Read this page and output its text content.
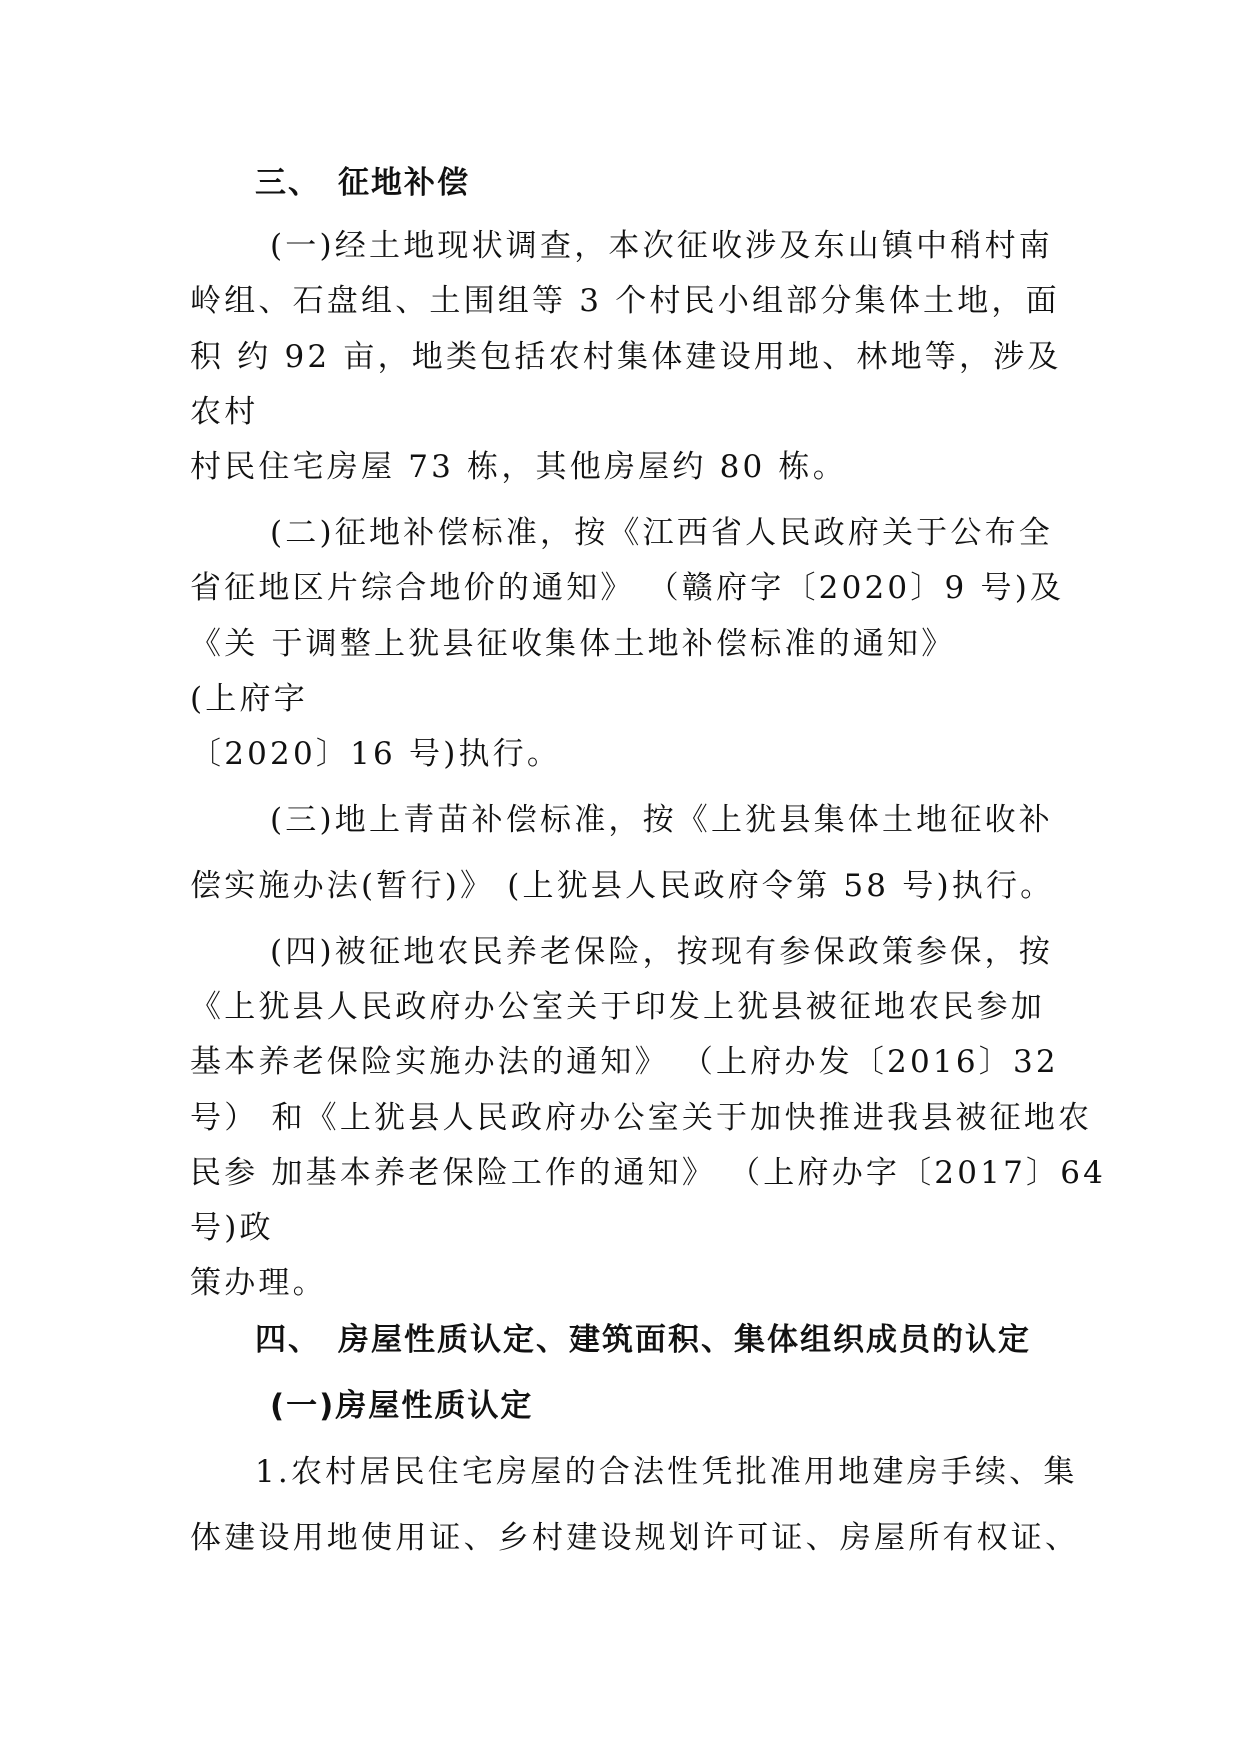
三、 征地补偿
(一)经土地现状调查，本次征收涉及东山镇中稍村南
岭组、石盘组、土围组等 3 个村民小组部分集体土地，面
积 约 92 亩，地类包括农村集体建设用地、林地等，涉及
农村
村民住宅房屋 73 栋，其他房屋约 80 栋。
(二)征地补偿标准，按《江西省人民政府关于公布全
省征地区片综合地价的通知》 （赣府字〔2020〕9 号)及
《关 于调整上犹县征收集体土地补偿标准的通知》
(上府字
〔2020〕16 号)执行。
(三)地上青苗补偿标准，按《上犹县集体土地征收补
偿实施办法(暂行)》 (上犹县人民政府令第 58 号)执行。
(四)被征地农民养老保险，按现有参保政策参保，按
《上犹县人民政府办公室关于印发上犹县被征地农民参加
基本养老保险实施办法的通知》 （上府办发〔2016〕32
号） 和《上犹县人民政府办公室关于加快推进我县被征地农
民参 加基本养老保险工作的通知》 （上府办字〔2017〕64
号)政
策办理。
四、 房屋性质认定、建筑面积、集体组织成员的认定
(一)房屋性质认定
1.农村居民住宅房屋的合法性凭批准用地建房手续、集
体建设用地使用证、乡村建设规划许可证、房屋所有权证、
